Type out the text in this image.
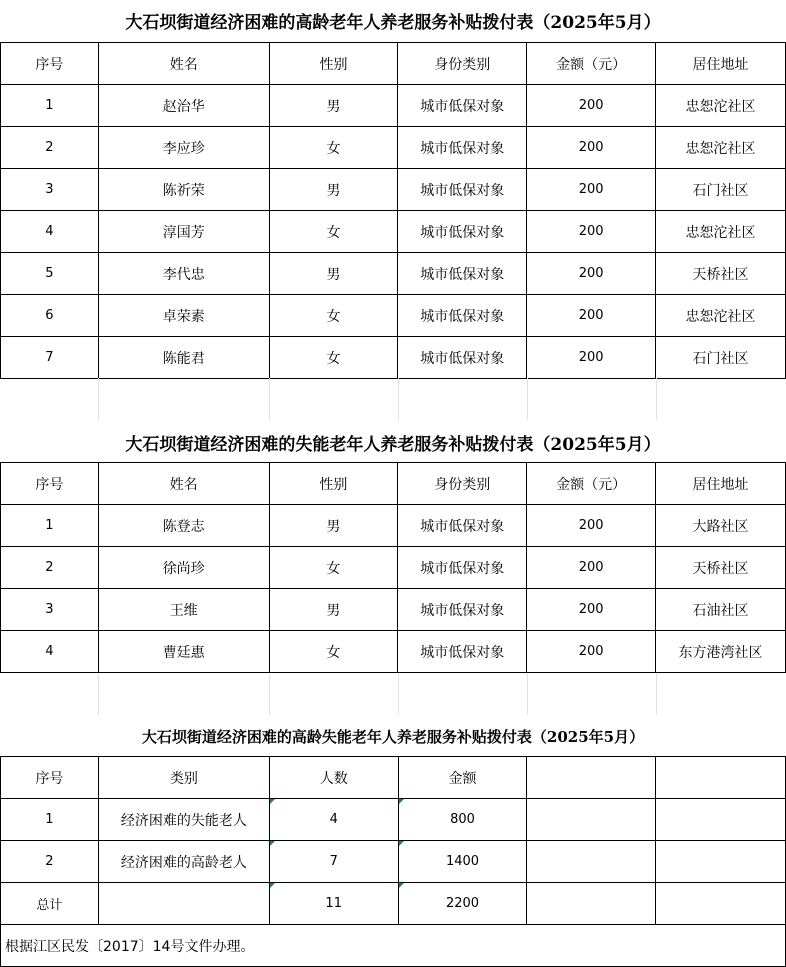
大石坝街道经济困难的高龄老年人养老服务补贴拨付表（2025年5月）
序号	姓名	性别	身份类别	金额（元）	居住地址
1	赵治华	男	城市低保对象	200	忠恕沱社区
2	李应珍	女	城市低保对象	200	忠恕沱社区
3	陈祈荣	男	城市低保对象	200	石门社区
4	淳国芳	女	城市低保对象	200	忠恕沱社区
5	李代忠	男	城市低保对象	200	天桥社区
6	卓荣素	女	城市低保对象	200	忠恕沱社区
7	陈能君	女	城市低保对象	200	石门社区
大石坝街道经济困难的失能老年人养老服务补贴拨付表（2025年5月）
序号	姓名	性别	身份类别	金额（元）	居住地址
1	陈登志	男	城市低保对象	200	大路社区
2	徐尚珍	女	城市低保对象	200	天桥社区
3	王维	男	城市低保对象	200	石油社区
4	曹廷惠	女	城市低保对象	200	东方港湾社区
大石坝街道经济困难的高龄失能老年人养老服务补贴拨付表（2025年5月）
序号	类别	人数	金额		
1	经济困难的失能老人	4	800		
2	经济困难的高龄老人	7	1400		
总计		11	2200		
根据江区民发〔2017〕14号文件办理。					
